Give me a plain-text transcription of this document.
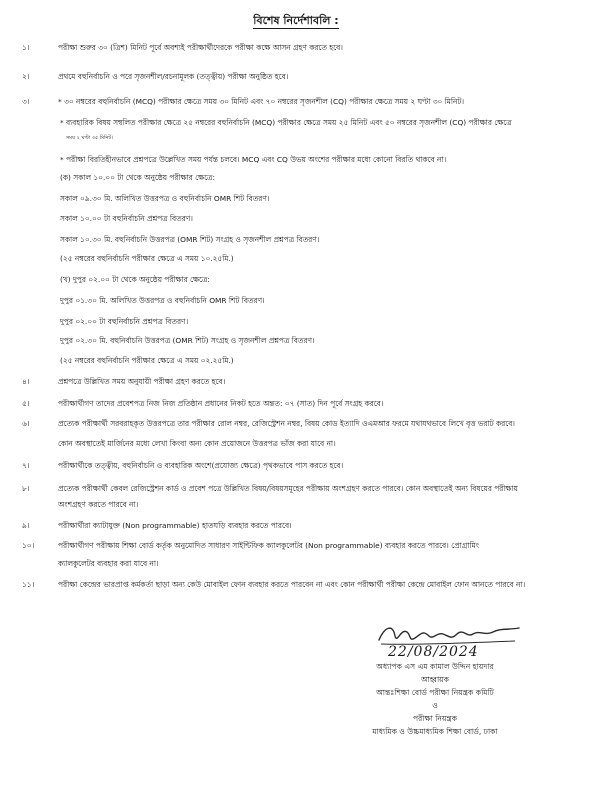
বিশেষ নির্দেশাবলি :
১।	পরীক্ষা শুরুর ৩০ (ত্রিশ) মিনিট পূর্বে অবশ্যই পরীক্ষার্থীদেরকে পরীক্ষা কক্ষে আসন গ্রহণ করতে হবে।
২।	প্রথমে বহুনির্বাচনি ও পরে সৃজনশীল/রচনামূলক (তত্ত্বীয়) পরীক্ষা অনুষ্ঠিত হবে।
৩।	* ৩০ নম্বরের বহুনির্বাচনি (MCQ) পরীক্ষার ক্ষেত্রে সময় ৩০ মিনিট এবং ৭০ নম্বরের সৃজনশীল (CQ) পরীক্ষার ক্ষেত্রে সময় ২ ঘণ্টা ৩০ মিনিট।
* ব্যবহারিক বিষয় সম্বলিত পরীক্ষার ক্ষেত্রে ২৫ নম্বরের বহুনির্বাচনি (MCQ) পরীক্ষার ক্ষেত্রে সময় ২৫ মিনিট এবং ৫০ নম্বরের সৃজনশীল (CQ) পরীক্ষার ক্ষেত্রে
সময় ২ ঘণ্টা ৩৫ মিনিট।
* পরীক্ষা বিরতিহীনভাবে প্রশ্নপত্রে উল্লেখিত সময় পর্যন্ত চলবে। MCQ এবং CQ উভয় অংশের পরীক্ষার মধ্যে কোনো বিরতি থাকবে না।
(ক) সকাল ১০.০০ টা থেকে অনুষ্ঠেয় পরীক্ষার ক্ষেত্রে:
সকাল ০৯.৩০ মি. অলিখিত উত্তরপত্র ও বহুনির্বাচনি OMR শিট বিতরণ।
সকাল ১০.০০ টা বহুনির্বাচনি প্রশ্নপত্র বিতরণ।
সকাল ১০.৩০ মি. বহুনির্বাচনি উত্তরপত্র (OMR শিট) সংগ্রহ ও সৃজনশীল প্রশ্নপত্র বিতরণ।
(২৫ নম্বরের বহুনির্বাচনি পরীক্ষার ক্ষেত্রে এ সময় ১০.২৫মি.)
(খ) দুপুর ০২.০০ টা থেকে অনুষ্ঠেয় পরীক্ষার ক্ষেত্রে:
দুপুর ০১.৩০ মি. অলিখিত উত্তরপত্র ও বহুনির্বাচনি OMR শিট বিতরণ।
দুপুর ০২.০০ টা বহুনির্বাচনি প্রশ্নপত্র বিতরণ।
দুপুর ০২.৩০ মি. বহুনির্বাচনি উত্তরপত্র (OMR শিট) সংগ্রহ ও সৃজনশীল প্রশ্নপত্র বিতরণ।
(২৫ নম্বরের বহুনির্বাচনি পরীক্ষার ক্ষেত্রে এ সময় ০২.২৫মি.)
৪।	প্রশ্নপত্রে উল্লিখিত সময় অনুযায়ী পরীক্ষা গ্রহণ করতে হবে।
৫।	পরীক্ষার্থীগণ তাদের প্রবেশপত্র নিজ নিজ প্রতিষ্ঠান প্রধানের নিকট হতে অন্তত: ০৭ (সাত) দিন পূর্বে সংগ্রহ করবে।
৬।	প্রত্যেক পরীক্ষার্থী সরবরাহকৃত উত্তরপত্রে তার পরীক্ষার রোল নম্বর, রেজিস্ট্রেশন নম্বর, বিষয় কোড ইত্যাদি ওএমআর ফরমে যথাযথভাবে লিখে বৃত্ত ভরাট করবে।
কোন অবস্থাতেই মার্জিনের মধ্যে লেখা কিংবা অন্য কোন প্রয়োজনে উত্তরপত্র ভাঁজ করা যাবে না।
৭।	পরীক্ষার্থীকে তত্ত্বীয়, বহুনির্বাচনি ও ব্যবহারিক অংশে(প্রযোজ্য ক্ষেত্রে) পৃথকভাবে পাস করতে হবে।
৮।	প্রত্যেক পরীক্ষার্থী কেবল রেজিস্ট্রেশন কার্ড ও প্রবেশ পত্রে উল্লিখিত বিষয়/বিষয়সমূহের পরীক্ষায় অংশগ্রহণ করতে পারবে। কোন অবস্থাতেই অন্য বিষয়ের পরীক্ষায়
অংশগ্রহণ করতে পারবে না।
৯।	পরীক্ষার্থীরা ক্যাটাযুক্ত (Non programmable) হাতঘড়ি ব্যবহার করতে পারবে।
১০।	পরীক্ষার্থীগণ পরীক্ষায় শিক্ষা বোর্ড কর্তৃক অনুমোদিত সাধারণ সাইন্টিফিক ক্যালকুলেটর (Non programmable) ব্যবহার করতে পারবে। প্রোগ্রামিং
ক্যালকুলেটর ব্যবহার করা যাবে না।
১১।	পরীক্ষা কেন্দ্রের ভারপ্রাপ্ত কর্মকর্তা ছাড়া অন্য কেউ মোবাইল ফোন ব্যবহার করতে পারবেন না এবং কোন পরীক্ষার্থী পরীক্ষা কেন্দ্রে মোবাইল ফোন আনতে পারবে না।
22/08/2024
অধ্যাপক এস এম কামাল উদ্দিন হায়দার
আহ্বায়ক
আন্তঃশিক্ষা বোর্ড পরীক্ষা নিয়ন্ত্রক কমিটি
ও
পরীক্ষা নিয়ন্ত্রক
মাধ্যমিক ও উচ্চমাধ্যমিক শিক্ষা বোর্ড, ঢাকা
